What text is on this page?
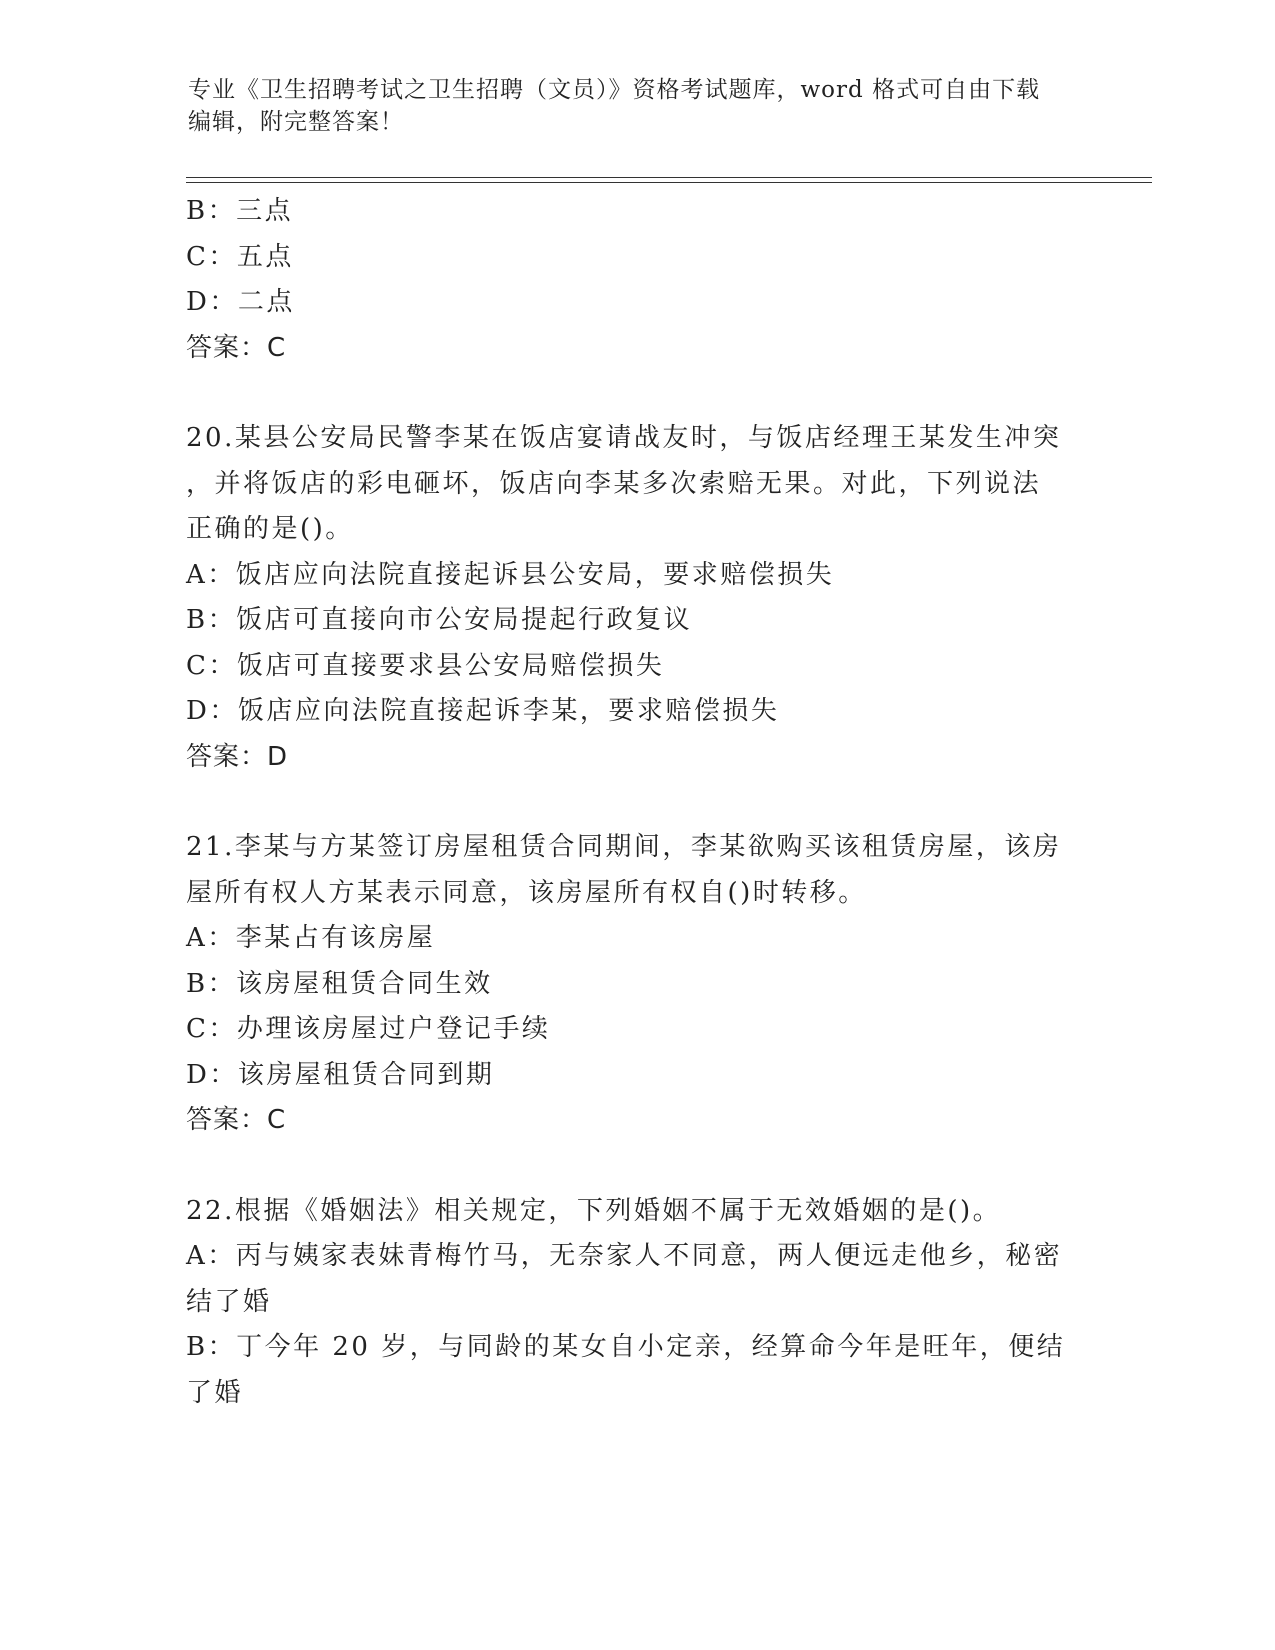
专业《卫生招聘考试之卫生招聘（文员）》资格考试题库，word 格式可自由下载
编辑，附完整答案！
B：三点
C：五点
D：二点
答案：C
20.某县公安局民警李某在饭店宴请战友时，与饭店经理王某发生冲突
，并将饭店的彩电砸坏，饭店向李某多次索赔无果。对此，下列说法
正确的是()。
A：饭店应向法院直接起诉县公安局，要求赔偿损失
B：饭店可直接向市公安局提起行政复议
C：饭店可直接要求县公安局赔偿损失
D：饭店应向法院直接起诉李某，要求赔偿损失
答案：D
21.李某与方某签订房屋租赁合同期间，李某欲购买该租赁房屋，该房
屋所有权人方某表示同意，该房屋所有权自()时转移。
A：李某占有该房屋
B：该房屋租赁合同生效
C：办理该房屋过户登记手续
D：该房屋租赁合同到期
答案：C
22.根据《婚姻法》相关规定，下列婚姻不属于无效婚姻的是()。
A：丙与姨家表妹青梅竹马，无奈家人不同意，两人便远走他乡，秘密
结了婚
B：丁今年 20 岁，与同龄的某女自小定亲，经算命今年是旺年，便结
了婚
